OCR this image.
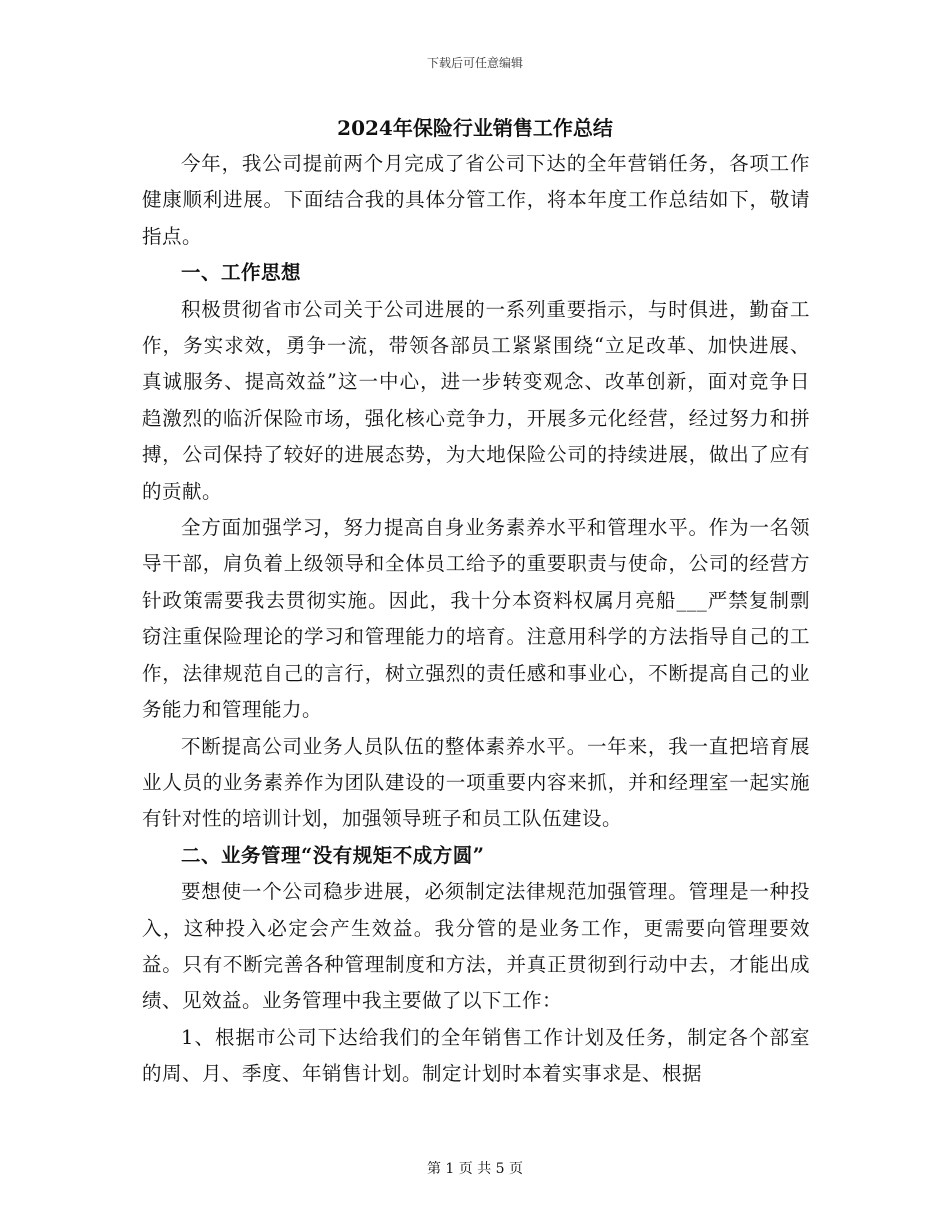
下载后可任意编辑
2024年保险行业销售工作总结

今年，我公司提前两个月完成了省公司下达的全年营销任务，各项工作健康顺利进展。下面结合我的具体分管工作，将本年度工作总结如下，敬请指点。

一、工作思想

积极贯彻省市公司关于公司进展的一系列重要指示，与时俱进，勤奋工作，务实求效，勇争一流，带领各部员工紧紧围绕“立足改革、加快进展、真诚服务、提高效益”这一中心，进一步转变观念、改革创新，面对竞争日趋激烈的临沂保险市场，强化核心竞争力，开展多元化经营，经过努力和拼搏，公司保持了较好的进展态势，为大地保险公司的持续进展，做出了应有的贡献。

全方面加强学习，努力提高自身业务素养水平和管理水平。作为一名领导干部，肩负着上级领导和全体员工给予的重要职责与使命，公司的经营方针政策需要我去贯彻实施。因此，我十分本资料权属月亮船___严禁复制剽窃注重保险理论的学习和管理能力的培育。注意用科学的方法指导自己的工作，法律规范自己的言行，树立强烈的责任感和事业心，不断提高自己的业务能力和管理能力。

不断提高公司业务人员队伍的整体素养水平。一年来，我一直把培育展业人员的业务素养作为团队建设的一项重要内容来抓，并和经理室一起实施有针对性的培训计划，加强领导班子和员工队伍建设。

二、业务管理“没有规矩不成方圆”

要想使一个公司稳步进展，必须制定法律规范加强管理。管理是一种投入，这种投入必定会产生效益。我分管的是业务工作，更需要向管理要效益。只有不断完善各种管理制度和方法，并真正贯彻到行动中去，才能出成绩、见效益。业务管理中我主要做了以下工作：

1、根据市公司下达给我们的全年销售工作计划及任务，制定各个部室的周、月、季度、年销售计划。制定计划时本着实事求是、根据

第 1 页 共 5 页
